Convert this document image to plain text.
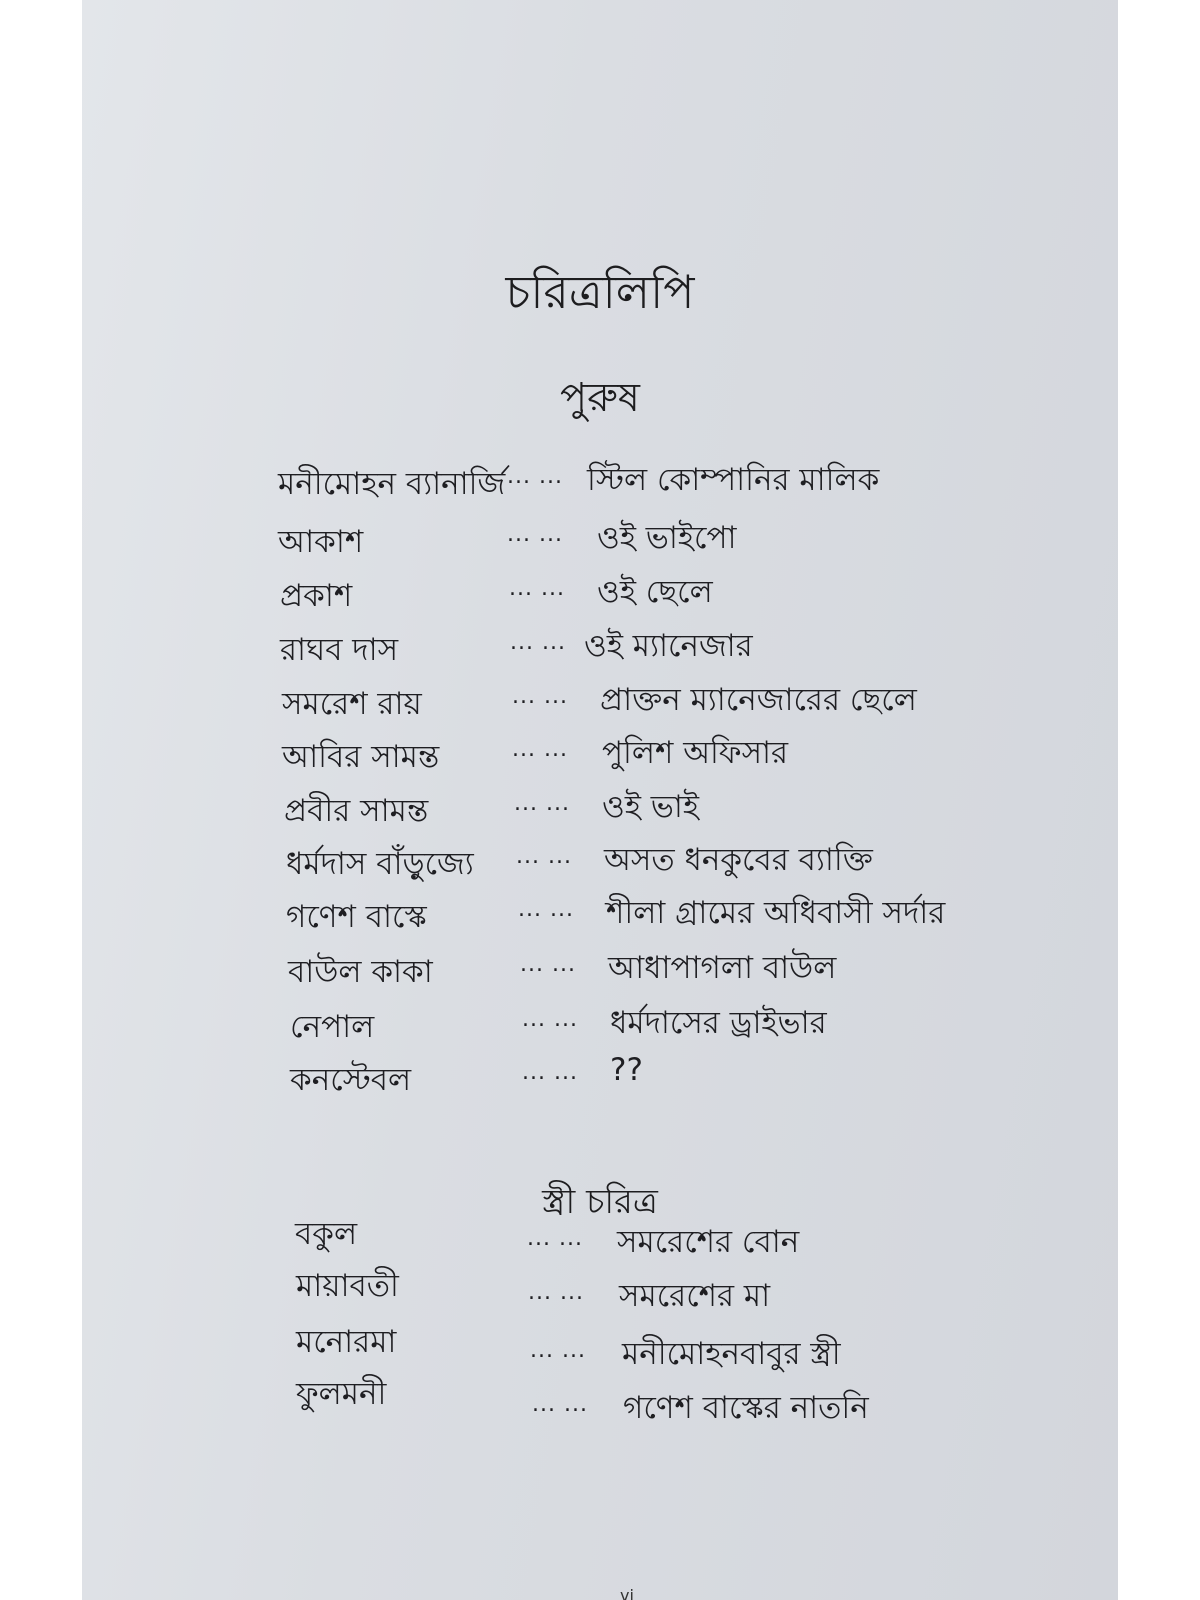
চরিত্রলিপি
পুরুষ
মনীমোহন ব্যানার্জি ... ... স্টিল কোম্পানির মালিক
আকাশ	... ... ওই ভাইপো
প্রকাশ	... ... ওই ছেলে
রাঘব দাস	... ... ওই ম্যানেজার
সমরেশ রায়	... ... প্রাক্তন ম্যানেজারের ছেলে
আবির সামন্ত	... ... পুলিশ অফিসার
প্রবীর সামন্ত	... ... ওই ভাই
ধর্মদাস বাঁড়ুজ্যে ... ... অসত ধনকুবের ব্যাক্তি
গণেশ বাস্কে	... ... শীলা গ্রামের অধিবাসী সর্দার
বাউল কাকা	... ... আধাপাগলা বাউল
নেপাল	... ... ধর্মদাসের ড্রাইভার
কনস্টেবল	... ... ??
স্ত্রী চরিত্র
বকুল	... ... সমরেশের বোন
মায়াবতী	... ... সমরেশের মা
মনোরমা	... ... মনীমোহনবাবুর স্ত্রী
ফুলমনী	... ... গণেশ বাস্কের নাতনি
vi
